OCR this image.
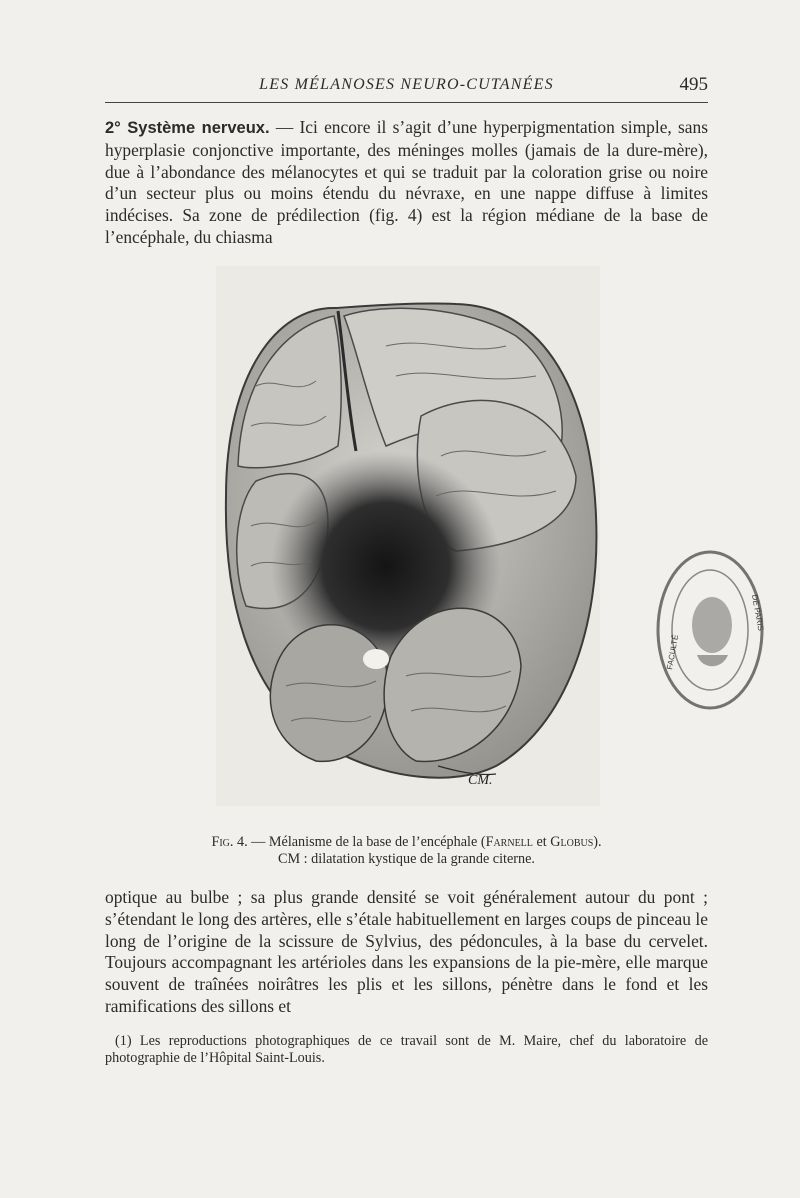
LES MÉLANOSES NEURO-CUTANÉES	495

2° Système nerveux. — Ici encore il s’agit d’une hyperpigmentation simple, sans hyperplasie conjonctive importante, des méninges molles (jamais de la dure-mère), due à l’abondance des mélanocytes et qui se traduit par la coloration grise ou noire d’un secteur plus ou moins étendu du névraxe, en une nappe diffuse à limites indécises. Sa zone de prédilection (fig. 4) est la région médiane de la base de l’encéphale, du chiasma

CM.
Fig. 4. — Mélanisme de la base de l’encéphale (Farnell et Globus).
CM : dilatation kystique de la grande citerne.

optique au bulbe ; sa plus grande densité se voit généralement autour du pont ; s’étendant le long des artères, elle s’étale habituellement en larges coups de pinceau le long de l’origine de la scissure de Sylvius, des pédoncules, à la base du cervelet. Toujours accompagnant les artérioles dans les expansions de la pie-mère, elle marque souvent de traînées noirâtres les plis et les sillons, pénètre dans le fond et les ramifications des sillons et

(1) Les reproductions photographiques de ce travail sont de M. Maire, chef du laboratoire de photographie de l’Hôpital Saint-Louis.
FACULTÉ
DE PARIS
